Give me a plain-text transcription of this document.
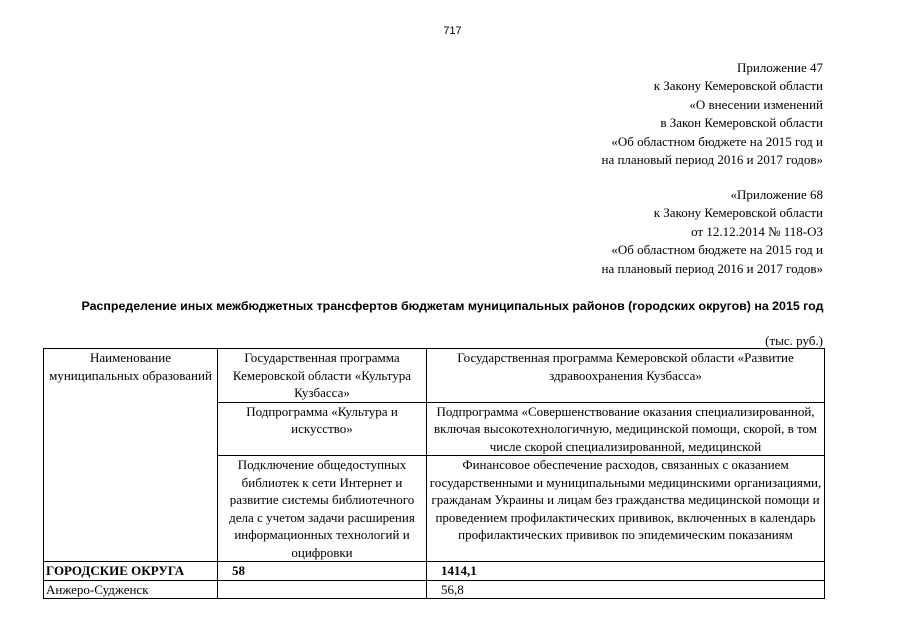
717
Приложение 47
к Закону Кемеровской области
«О внесении изменений
в Закон Кемеровской области
«Об областном бюджете на 2015 год и
на плановый период 2016 и 2017 годов»
«Приложение 68
к Закону Кемеровской области
от 12.12.2014 № 118-ОЗ
«Об областном бюджете на 2015 год и
на плановый период 2016 и 2017 годов»
Распределение иных межбюджетных трансфертов бюджетам муниципальных районов (городских округов) на 2015 год
(тыс. руб.)
Наименование муниципальных образований	Государственная программа Кемеровской области «Культура Кузбасса»	Государственная программа Кемеровской области «Развитие здравоохранения Кузбасса»
	Подпрограмма «Культура и искусство»	Подпрограмма «Совершенствование оказания специализированной, включая высокотехнологичную, медицинской помощи, скорой, в том числе скорой специализированной, медицинской
	Подключение общедоступных библиотек к сети Интернет и развитие системы библиотечного дела с учетом задачи расширения информационных технологий и оцифровки	Финансовое обеспечение расходов, связанных с оказанием государственными и муниципальными медицинскими организациями, гражданам Украины и лицам без гражданства медицинской помощи и проведением профилактических прививок, включенных в календарь профилактических прививок по эпидемическим показаниям
ГОРОДСКИЕ ОКРУГА	58	1414,1
Анжеро-Судженск		56,8
